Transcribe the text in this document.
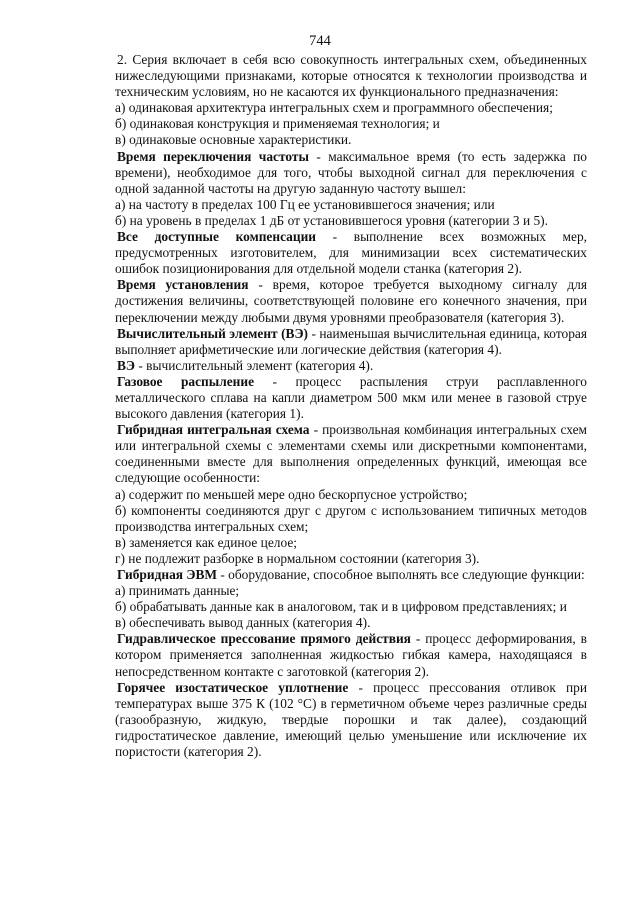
744

2. Серия включает в себя всю совокупность интегральных схем, объединенных нижеследующими признаками, которые относятся к технологии производства и техническим условиям, но не касаются их функционального предназначения:

а) одинаковая архитектура интегральных схем и программного обеспечения;

б) одинаковая конструкция и применяемая технология; и

в) одинаковые основные характеристики.

Время переключения частоты - максимальное время (то есть задержка по времени), необходимое для того, чтобы выходной сигнал для переключения с одной заданной частоты на другую заданную частоту вышел:

а) на частоту в пределах 100 Гц ее установившегося значения; или

б) на уровень в пределах 1 дБ от установившегося уровня (категории 3 и 5).

Все доступные компенсации - выполнение всех возможных мер, предусмотренных изготовителем, для минимизации всех систематических ошибок позиционирования для отдельной модели станка (категория 2).

Время установления - время, которое требуется выходному сигналу для достижения величины, соответствующей половине его конечного значения, при переключении между любыми двумя уровнями преобразователя (категория 3).

Вычислительный элемент (ВЭ) - наименьшая вычислительная единица, которая выполняет арифметические или логические действия (категория 4).

ВЭ - вычислительный элемент (категория 4).

Газовое распыление - процесс распыления струи расплавленного металлического сплава на капли диаметром 500 мкм или менее в газовой струе высокого давления (категория 1).

Гибридная интегральная схема - произвольная комбинация интегральных схем или интегральной схемы с элементами схемы или дискретными компонентами, соединенными вместе для выполнения определенных функций, имеющая все следующие особенности:

а) содержит по меньшей мере одно бескорпусное устройство;

б) компоненты соединяются друг с другом с использованием типичных методов производства интегральных схем;

в) заменяется как единое целое;

г) не подлежит разборке в нормальном состоянии (категория 3).

Гибридная ЭВМ - оборудование, способное выполнять все следующие функции:

а) принимать данные;

б) обрабатывать данные как в аналоговом, так и в цифровом представлениях; и

в) обеспечивать вывод данных (категория 4).

Гидравлическое прессование прямого действия - процесс деформирования, в котором применяется заполненная жидкостью гибкая камера, находящаяся в непосредственном контакте с заготовкой (категория 2).

Горячее изостатическое уплотнение - процесс прессования отливок при температурах выше 375 К (102 °С) в герметичном объеме через различные среды (газообразную, жидкую, твердые порошки и так далее), создающий гидростатическое давление, имеющий целью уменьшение или исключение их пористости (категория 2).
